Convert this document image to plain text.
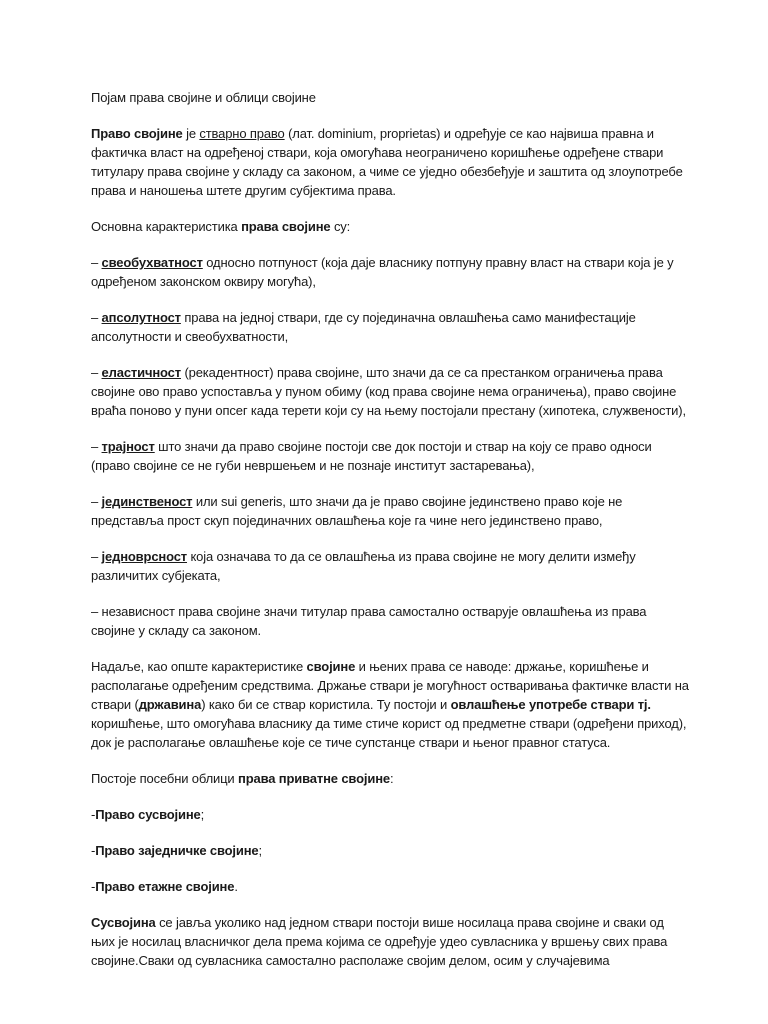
Појам права својине и облици својине

Право својине је стварно право (лат. dominium, proprietas) и одређује се као највиша правна и фактичка власт на одређеној ствари, која омогућава неограничено коришћење одређене ствари титулару права својине у складу са законом, а чиме се уједно обезбеђује и заштита од злоупотребе права и наношења штете другим субјектима права.

Основна карактеристика права својине су:

– свеобухватност односно потпуност (која даје власнику потпуну правну власт на ствари која је у одређеном законском оквиру могућа),

– апсолутност права на једној ствари, где су појединачна овлашћења само манифестације апсолутности и свеобухватности,

– еластичност (рекадентност) права својине, што значи да се са престанком ограничења права својине ово право успоставља у пуном обиму (код права својине нема ограничења), право својине враћа поново у пуни опсег када терети који су на њему постојали престану (хипотека, служвености),

– трајност што значи да право својине постоји све док постоји и ствар на коју се право односи (право својине се не губи невршењем и не познаје институт застаревања),

– јединственост или sui generis, што значи да је право својине јединствено право које не представља прост скуп појединачних овлашћења које га чине него јединствено право,

– једноврсност која означава то да се овлашћења из права својине не могу делити између различитих субјеката,

– независност права својине значи титулар права самостално остварује овлашћења из права својине у складу са законом.

Надаље, као опште карактеристике својине и њених права се наводе: држање, коришћење и располагање одређеним средствима. Држање ствари је могућност остваривања фактичке власти на ствари (државина) како би се ствар користила. Ту постоји и овлашћење употребе ствари тј. коришћење, што омогућава власнику да тиме стиче корист од предметне ствари (одређени приход), док је располагање овлашћење које се тиче супстанце ствари и њеног правног статуса.

Постоје посебни облици права приватне својине:

-Право сусвојине;

-Право заједничке својине;

-Право етажне својине.

Сусвојина се јавља уколико над једном ствари постоји више носилаца права својине и сваки од њих је носилац власничког дела према којима се одређује удео сувласника у вршењу свих права својине.Сваки од сувласника самостално располаже својим делом, осим у случајевима
